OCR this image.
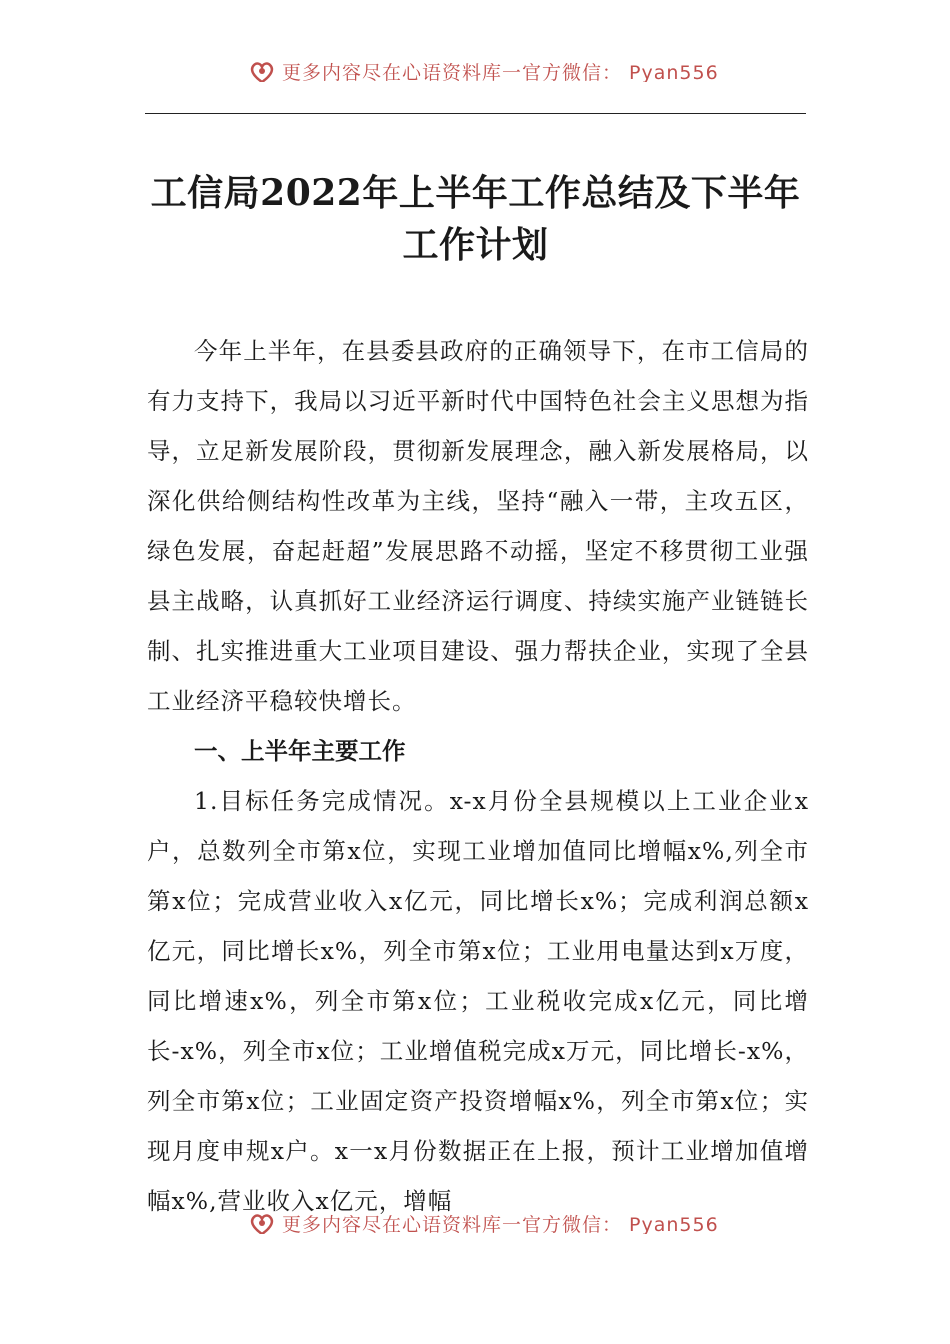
更多内容尽在心语资料库一官方微信： Pyan556
工信局2022年上半年工作总结及下半年工作计划

今年上半年，在县委县政府的正确领导下，在市工信局的有力支持下，我局以习近平新时代中国特色社会主义思想为指导，立足新发展阶段，贯彻新发展理念，融入新发展格局，以深化供给侧结构性改革为主线，坚持“融入一带，主攻五区，绿色发展，奋起赶超”发展思路不动摇，坚定不移贯彻工业强县主战略，认真抓好工业经济运行调度、持续实施产业链链长制、扎实推进重大工业项目建设、强力帮扶企业，实现了全县工业经济平稳较快增长。

一、上半年主要工作

1.目标任务完成情况。x-x月份全县规模以上工业企业x户，总数列全市第x位，实现工业增加值同比增幅x%,列全市第x位；完成营业收入x亿元，同比增长x%；完成利润总额x亿元，同比增长x%，列全市第x位；工业用电量达到x万度，同比增速x%，列全市第x位；工业税收完成x亿元，同比增长-x%，列全市x位；工业增值税完成x万元，同比增长-x%，列全市第x位；工业固定资产投资增幅x%，列全市第x位；实现月度申规x户。x一x月份数据正在上报，预计工业增加值增幅x%,营业收入x亿元，增幅

更多内容尽在心语资料库一官方微信： Pyan556
